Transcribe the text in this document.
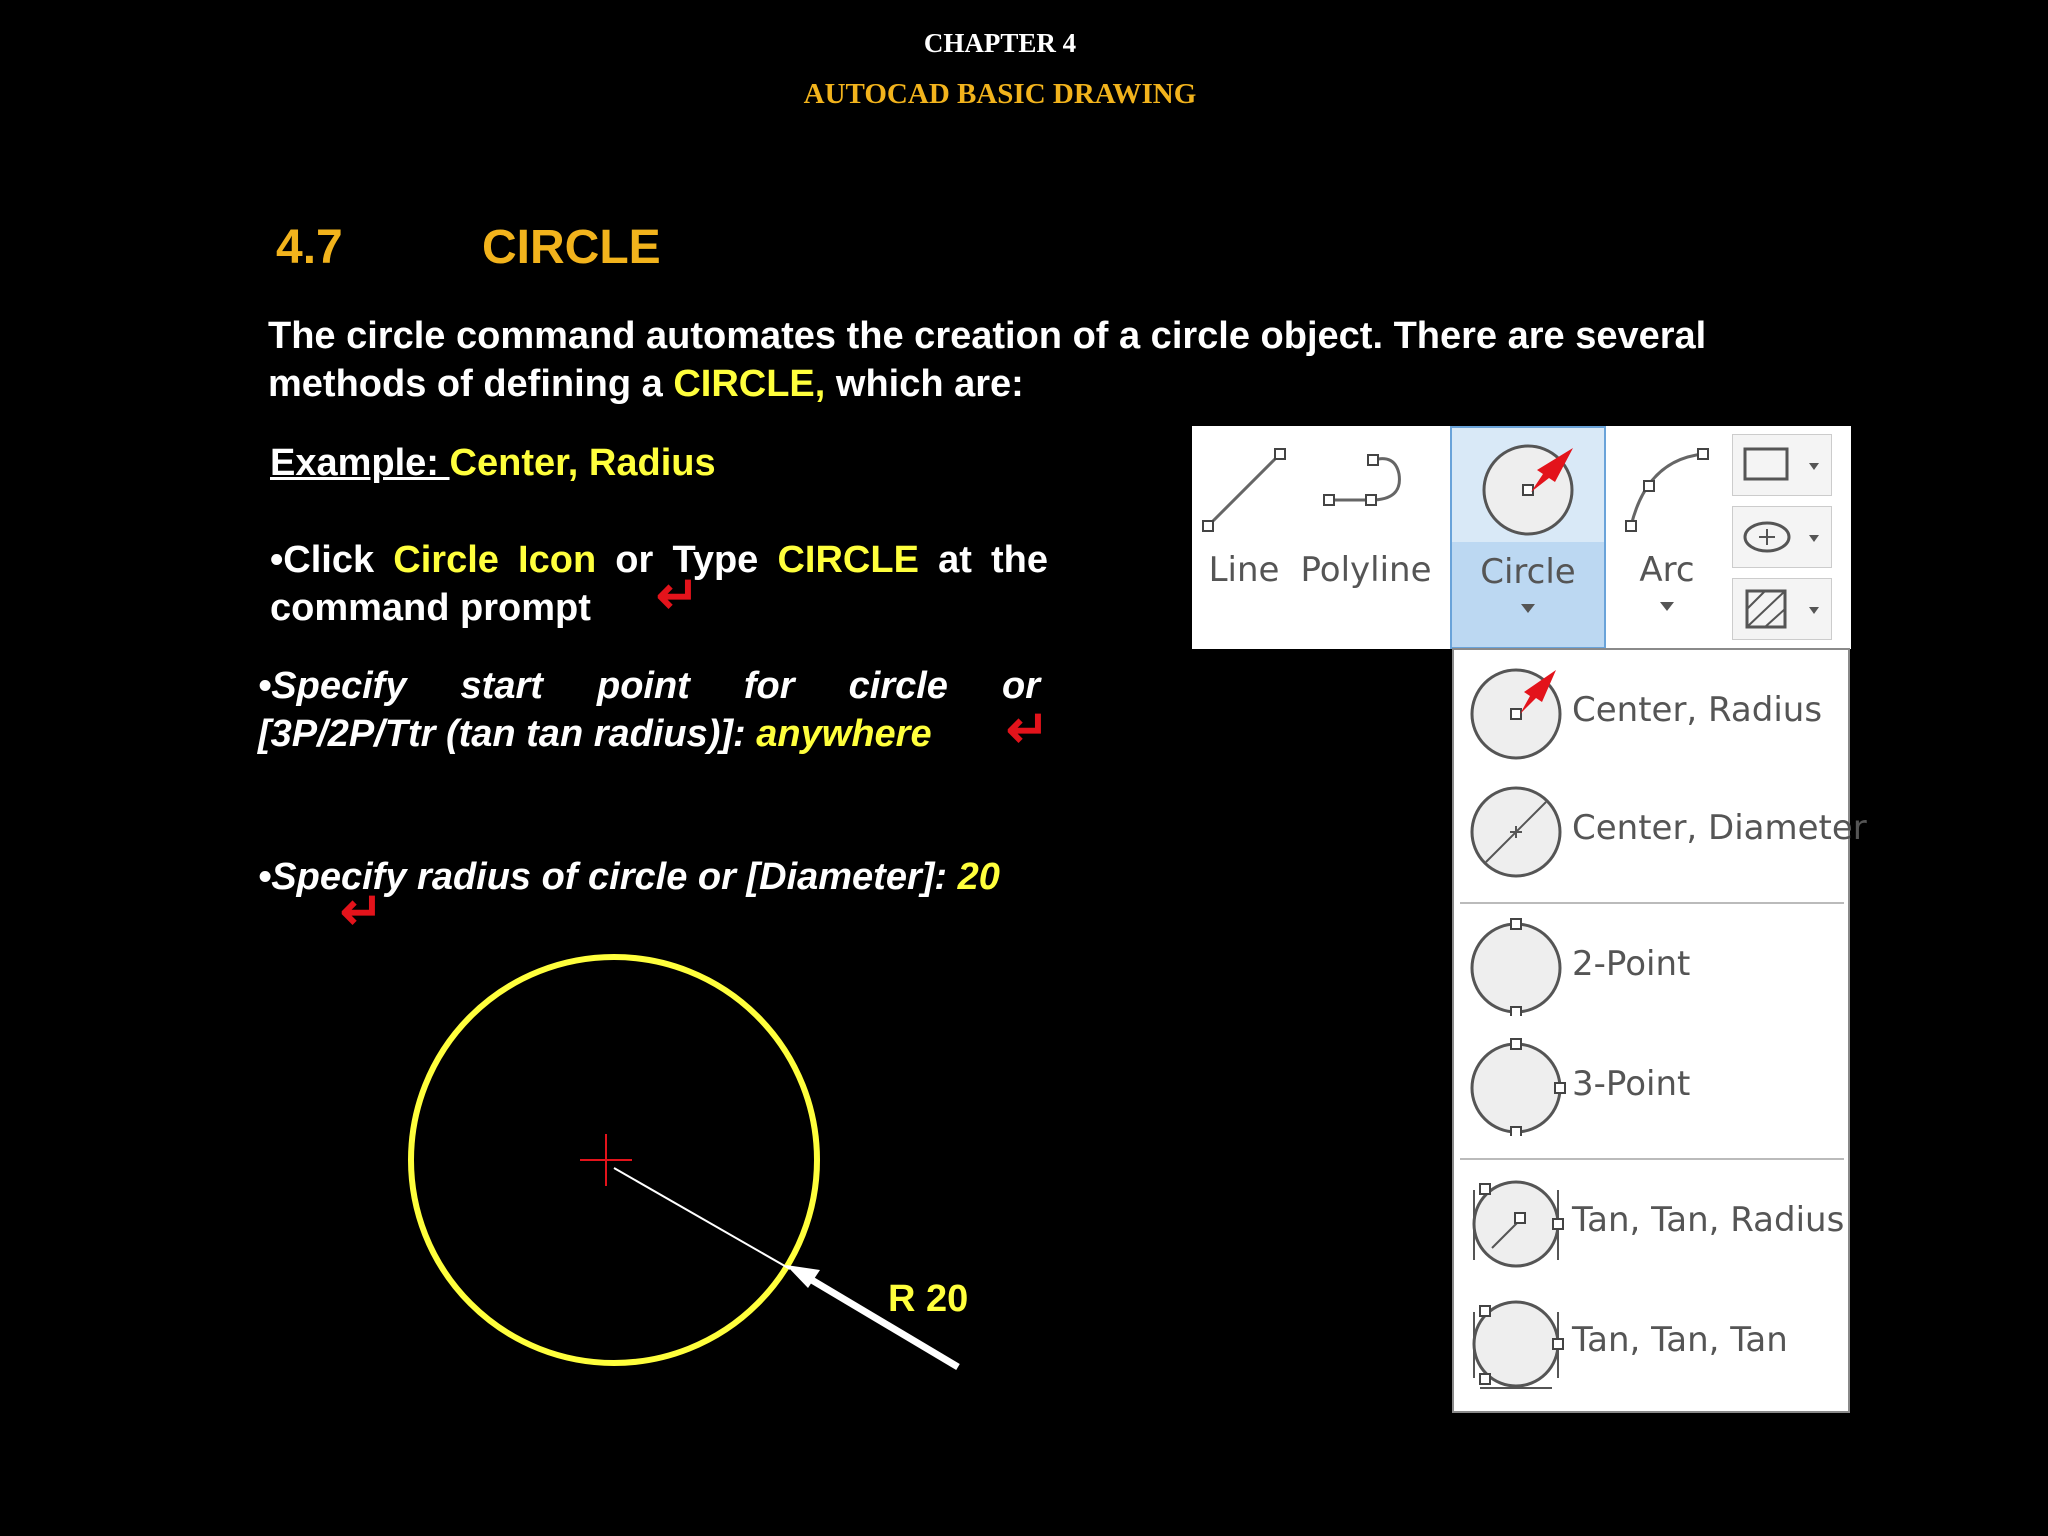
CHAPTER 4
AUTOCAD BASIC DRAWING
4.7	CIRCLE
The circle command automates the creation of a circle object. There are several methods of defining a CIRCLE, which are:
Example: Center, Radius
•Click Circle Icon or Type CIRCLE at the
command prompt	↵
•Specify start point for circle or
[3P/2P/Ttr (tan tan radius)]: anywhere	↵
•Specify radius of circle or [Diameter]: 20
↵
R 20
Line Polyline	Circle	Arc
Center, Radius
Center, Diameter
2-Point
3-Point
Tan, Tan, Radius
Tan, Tan, Tan
